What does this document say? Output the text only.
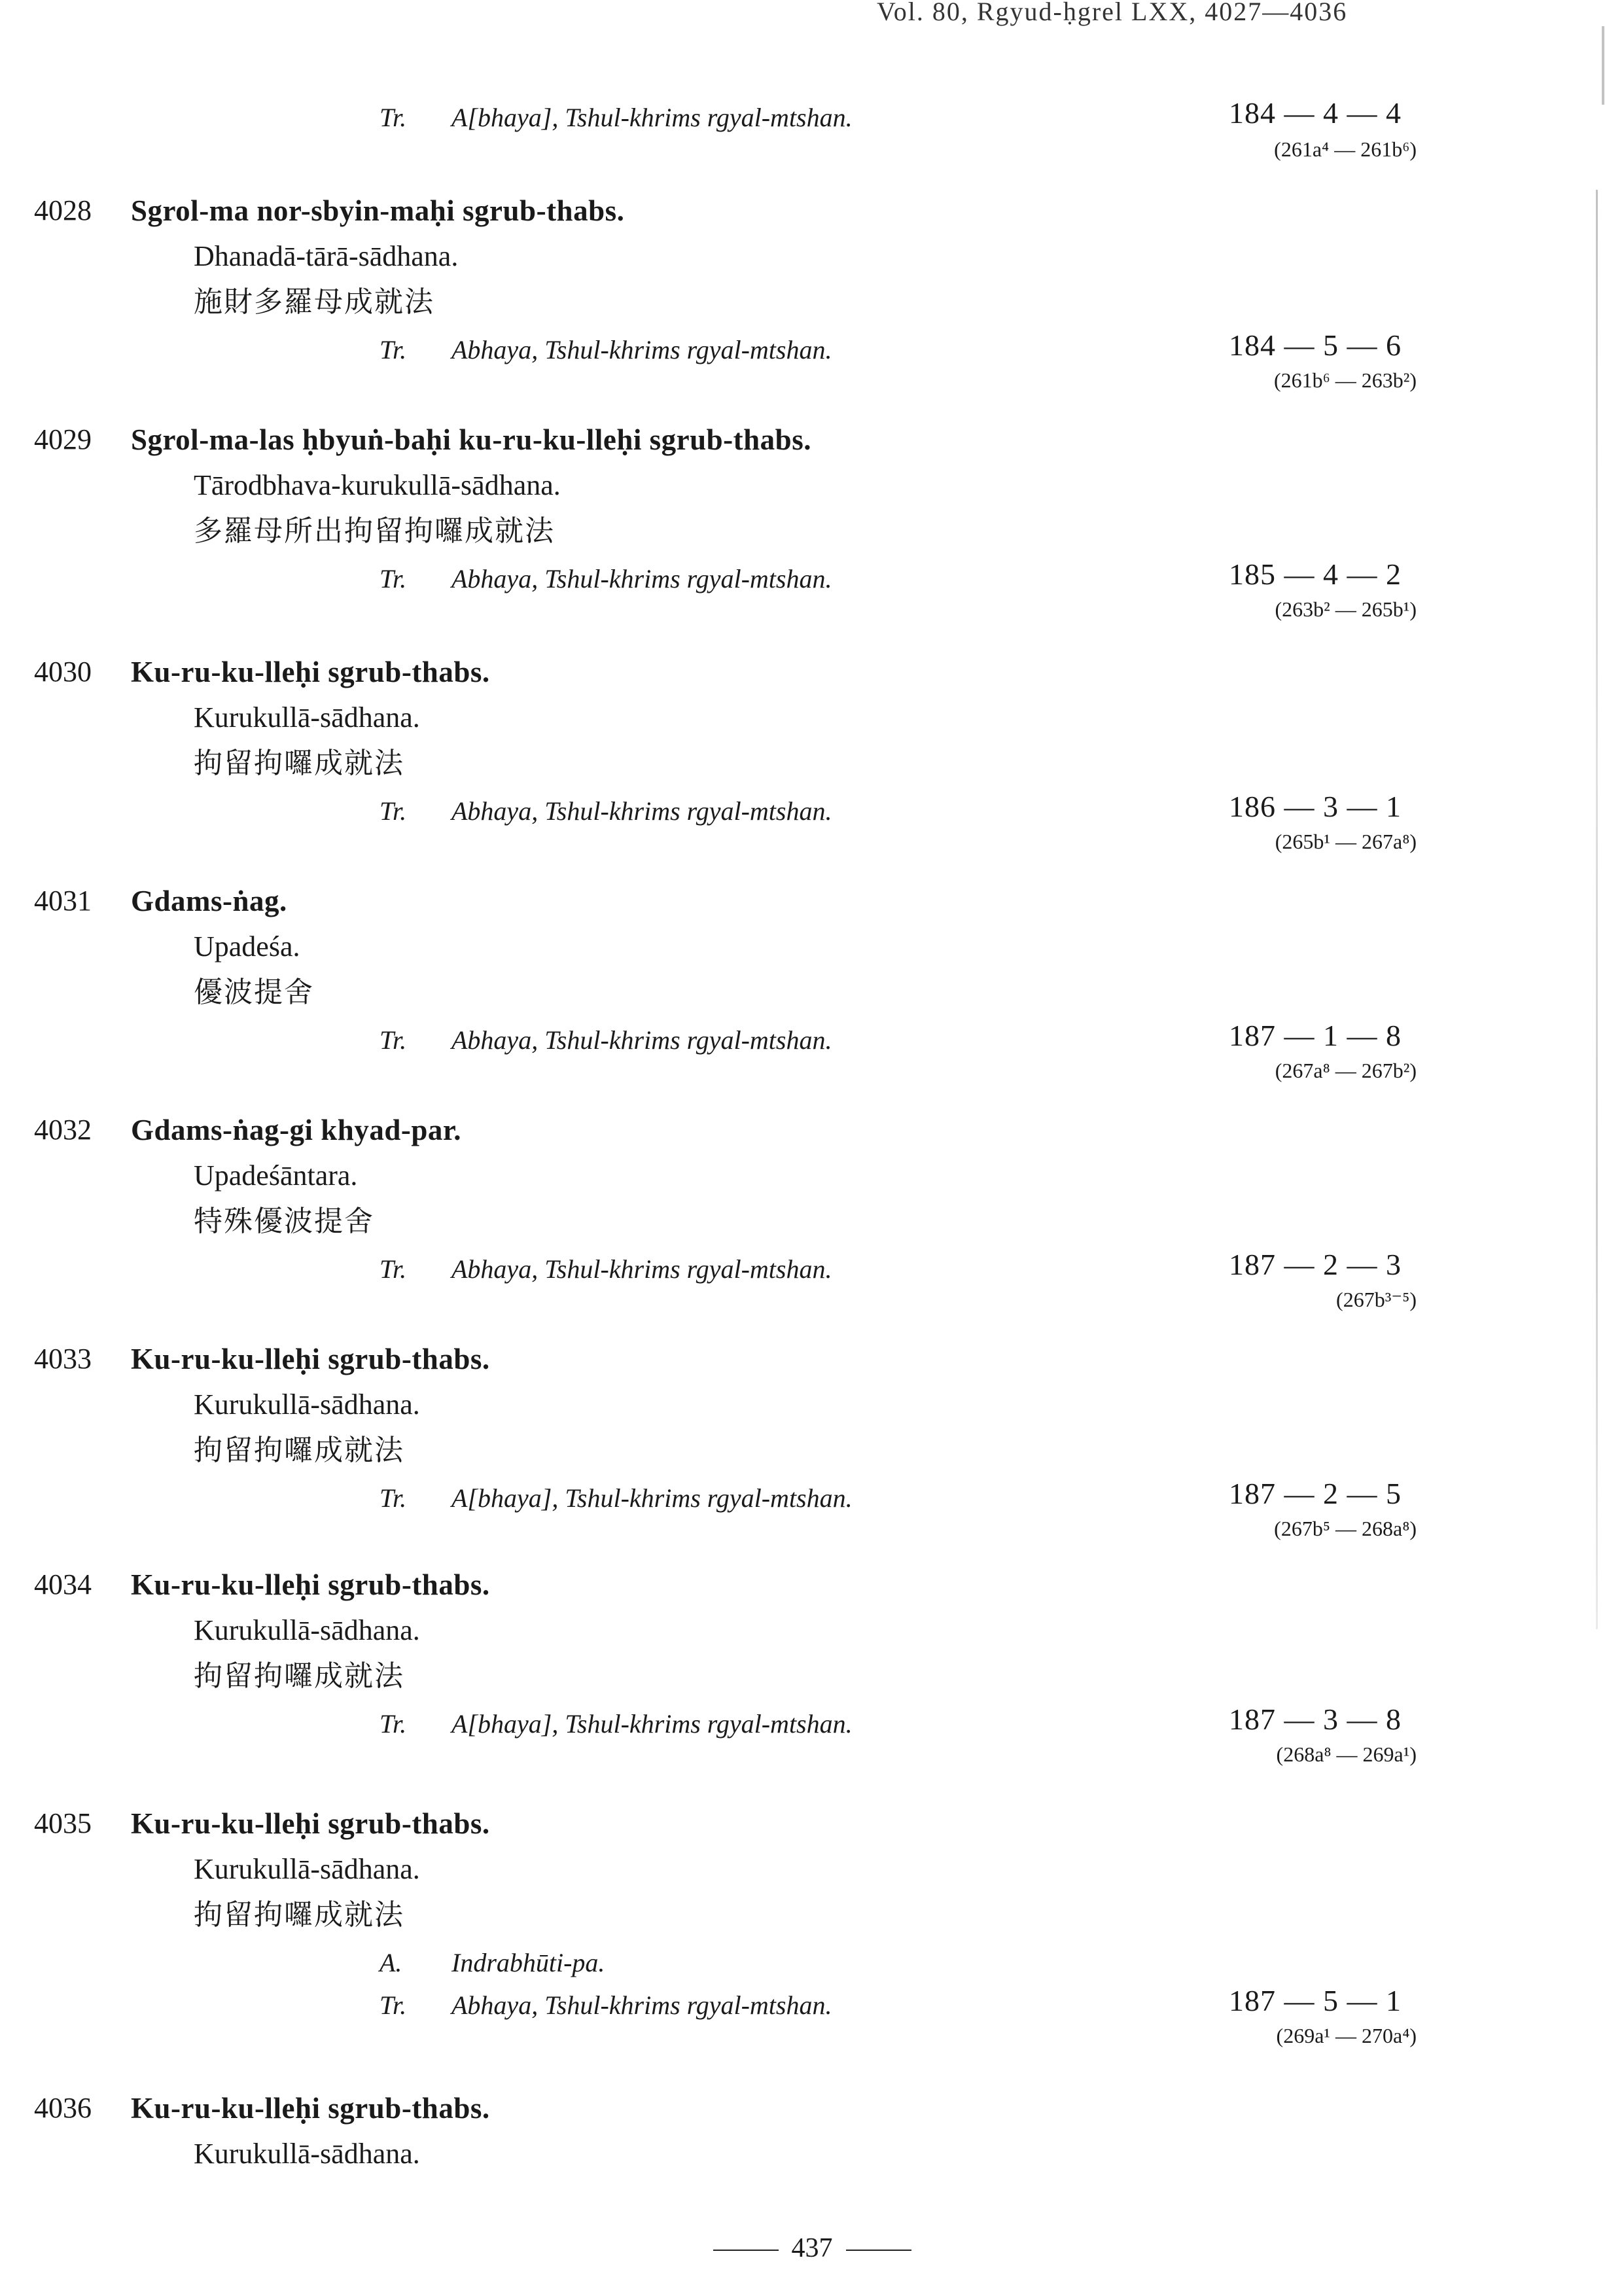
Vol. 80, Rgyud-ḥgrel LXX, 4027—4036
Tr. A[bhaya], Tshul-khrims rgyal-mtshan.	184 — 4 — 4
(261a⁴ — 261b⁶)
4028 Sgrol-ma nor-sbyin-maḥi sgrub-thabs.
Dhanadā-tārā-sādhana.
施財多羅母成就法
Tr. Abhaya, Tshul-khrims rgyal-mtshan.	184 — 5 — 6
(261b⁶ — 263b²)
4029 Sgrol-ma-las ḥbyuṅ-baḥi ku-ru-ku-lleḥi sgrub-thabs.
Tārodbhava-kurukullā-sādhana.
多羅母所出拘留拘囉成就法
Tr. Abhaya, Tshul-khrims rgyal-mtshan.	185 — 4 — 2
(263b² — 265b¹)
4030 Ku-ru-ku-lleḥi sgrub-thabs.
Kurukullā-sādhana.
拘留拘囉成就法
Tr. Abhaya, Tshul-khrims rgyal-mtshan.	186 — 3 — 1
(265b¹ — 267a⁸)
4031 Gdams-ṅag.
Upadeśa.
優波提舍
Tr. Abhaya, Tshul-khrims rgyal-mtshan.	187 — 1 — 8
(267a⁸ — 267b²)
4032 Gdams-ṅag-gi khyad-par.
Upadeśāntara.
特殊優波提舍
Tr. Abhaya, Tshul-khrims rgyal-mtshan.	187 — 2 — 3
(267b³⁻⁵)
4033 Ku-ru-ku-lleḥi sgrub-thabs.
Kurukullā-sādhana.
拘留拘囉成就法
Tr. A[bhaya], Tshul-khrims rgyal-mtshan.	187 — 2 — 5
(267b⁵ — 268a⁸)
4034 Ku-ru-ku-lleḥi sgrub-thabs.
Kurukullā-sādhana.
拘留拘囉成就法
Tr. A[bhaya], Tshul-khrims rgyal-mtshan.	187 — 3 — 8
(268a⁸ — 269a¹)
4035 Ku-ru-ku-lleḥi sgrub-thabs.
Kurukullā-sādhana.
拘留拘囉成就法
A. Indrabhūti-pa.
Tr. Abhaya, Tshul-khrims rgyal-mtshan.	187 — 5 — 1
(269a¹ — 270a⁴)
4036 Ku-ru-ku-lleḥi sgrub-thabs.
Kurukullā-sādhana.
437
